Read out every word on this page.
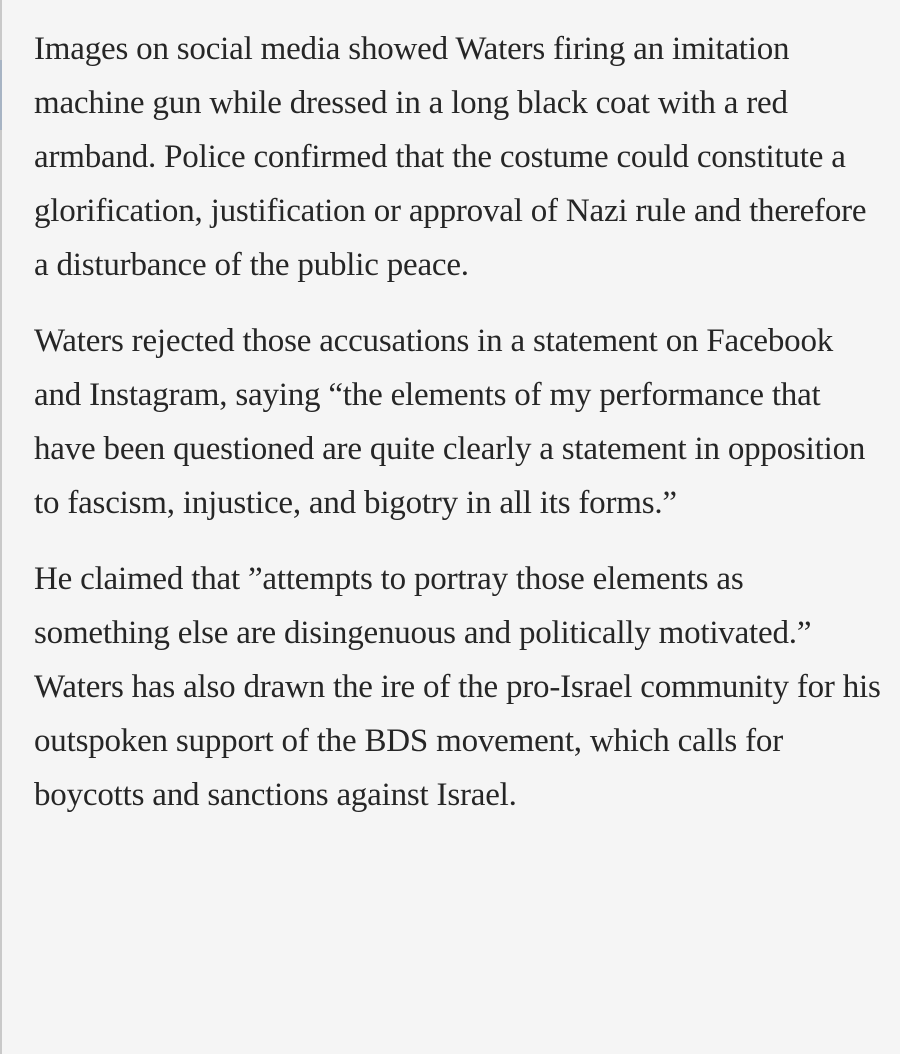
Images on social media showed Waters firing an imitation machine gun while dressed in a long black coat with a red armband. Police confirmed that the costume could constitute a glorification, justification or approval of Nazi rule and therefore a disturbance of the public peace.

Waters rejected those accusations in a statement on Facebook and Instagram, saying “the elements of my performance that have been questioned are quite clearly a statement in opposition to fascism, injustice, and bigotry in all its forms.”

He claimed that ”attempts to portray those elements as something else are disingenuous and politically motivated.” Waters has also drawn the ire of the pro-Israel community for his outspoken support of the BDS movement, which calls for boycotts and sanctions against Israel.
